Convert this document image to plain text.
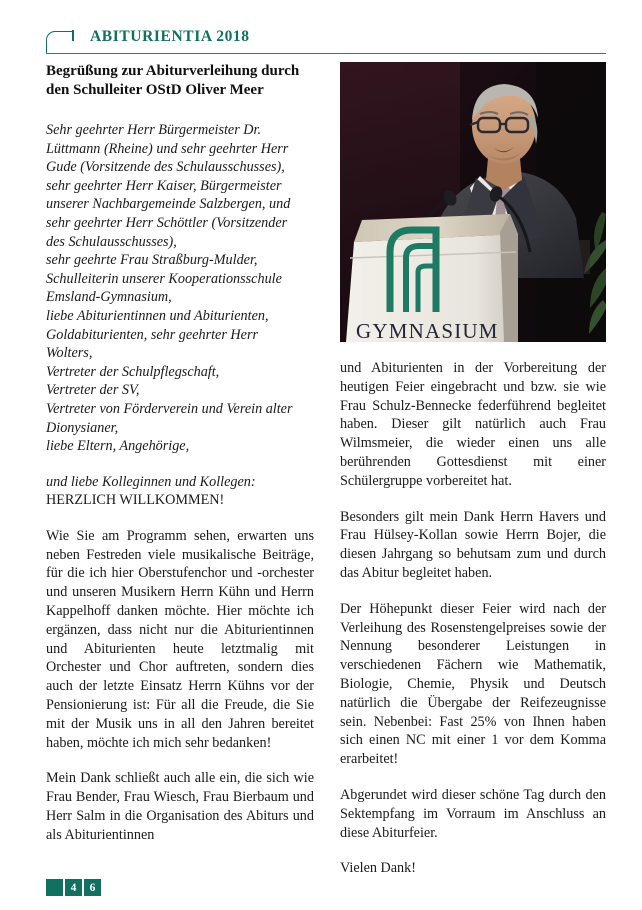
ABITURIENTIA 2018
Begrüßung zur Abiturverleihung durch
den Schulleiter OStD Oliver Meer
Sehr geehrter Herr Bürgermeister Dr.
Lüttmann (Rheine) und sehr geehrter Herr
Gude (Vorsitzende des Schulausschusses),
sehr geehrter Herr Kaiser, Bürgermeister
unserer Nachbargemeinde Salzbergen, und
sehr geehrter Herr Schöttler (Vorsitzender
des Schulausschusses),
sehr geehrte Frau Straßburg-Mulder,
Schulleiterin unserer Kooperationsschule
Emsland-Gymnasium,
liebe Abiturientinnen und Abiturienten,
Goldabiturienten, sehr geehrter Herr
Wolters,
Vertreter der Schulpflegschaft,
Vertreter der SV,
Vertreter von Förderverein und Verein alter
Dionysianer,
liebe Eltern, Angehörige,
und liebe Kolleginnen und Kollegen:
HERZLICH WILLKOMMEN!

Wie Sie am Programm sehen, erwarten uns neben Festreden viele musikalische Beiträge, für die ich hier Oberstufenchor und -orchester und unseren Musikern Herrn Kühn und Herrn Kappelhoff danken möchte. Hier möchte ich ergänzen, dass nicht nur die Abiturientinnen und Abiturienten heute letztmalig mit Orchester und Chor auftreten, sondern dies auch der letzte Einsatz Herrn Kühns vor der Pensionierung ist: Für all die Freude, die Sie mit der Musik uns in all den Jahren bereitet haben, möchte ich mich sehr bedanken!

Mein Dank schließt auch alle ein, die sich wie Frau Bender, Frau Wiesch, Frau Bierbaum und Herr Salm in die Organisation des Abiturs und als Abiturientinnen

GYMNASIUM

und Abiturienten in der Vorbereitung der heutigen Feier eingebracht und bzw. sie wie Frau Schulz-Bennecke federführend begleitet haben. Dieser gilt natürlich auch Frau Wilmsmeier, die wieder einen uns alle berührenden Gottesdienst mit einer Schülergruppe vorbereitet hat.

Besonders gilt mein Dank Herrn Havers und Frau Hülsey-Kollan sowie Herrn Bojer, die diesen Jahrgang so behutsam zum und durch das Abitur begleitet haben.

Der Höhepunkt dieser Feier wird nach der Verleihung des Rosenstengelpreises sowie der Nennung besonderer Leistungen in verschiedenen Fächern wie Mathematik, Biologie, Chemie, Physik und Deutsch natürlich die Übergabe der Reifezeugnisse sein. Nebenbei: Fast 25% von Ihnen haben sich einen NC mit einer 1 vor dem Komma erarbeitet!

Abgerundet wird dieser schöne Tag durch den Sektempfang im Vorraum im Anschluss an diese Abiturfeier.

Vielen Dank!

4	6
